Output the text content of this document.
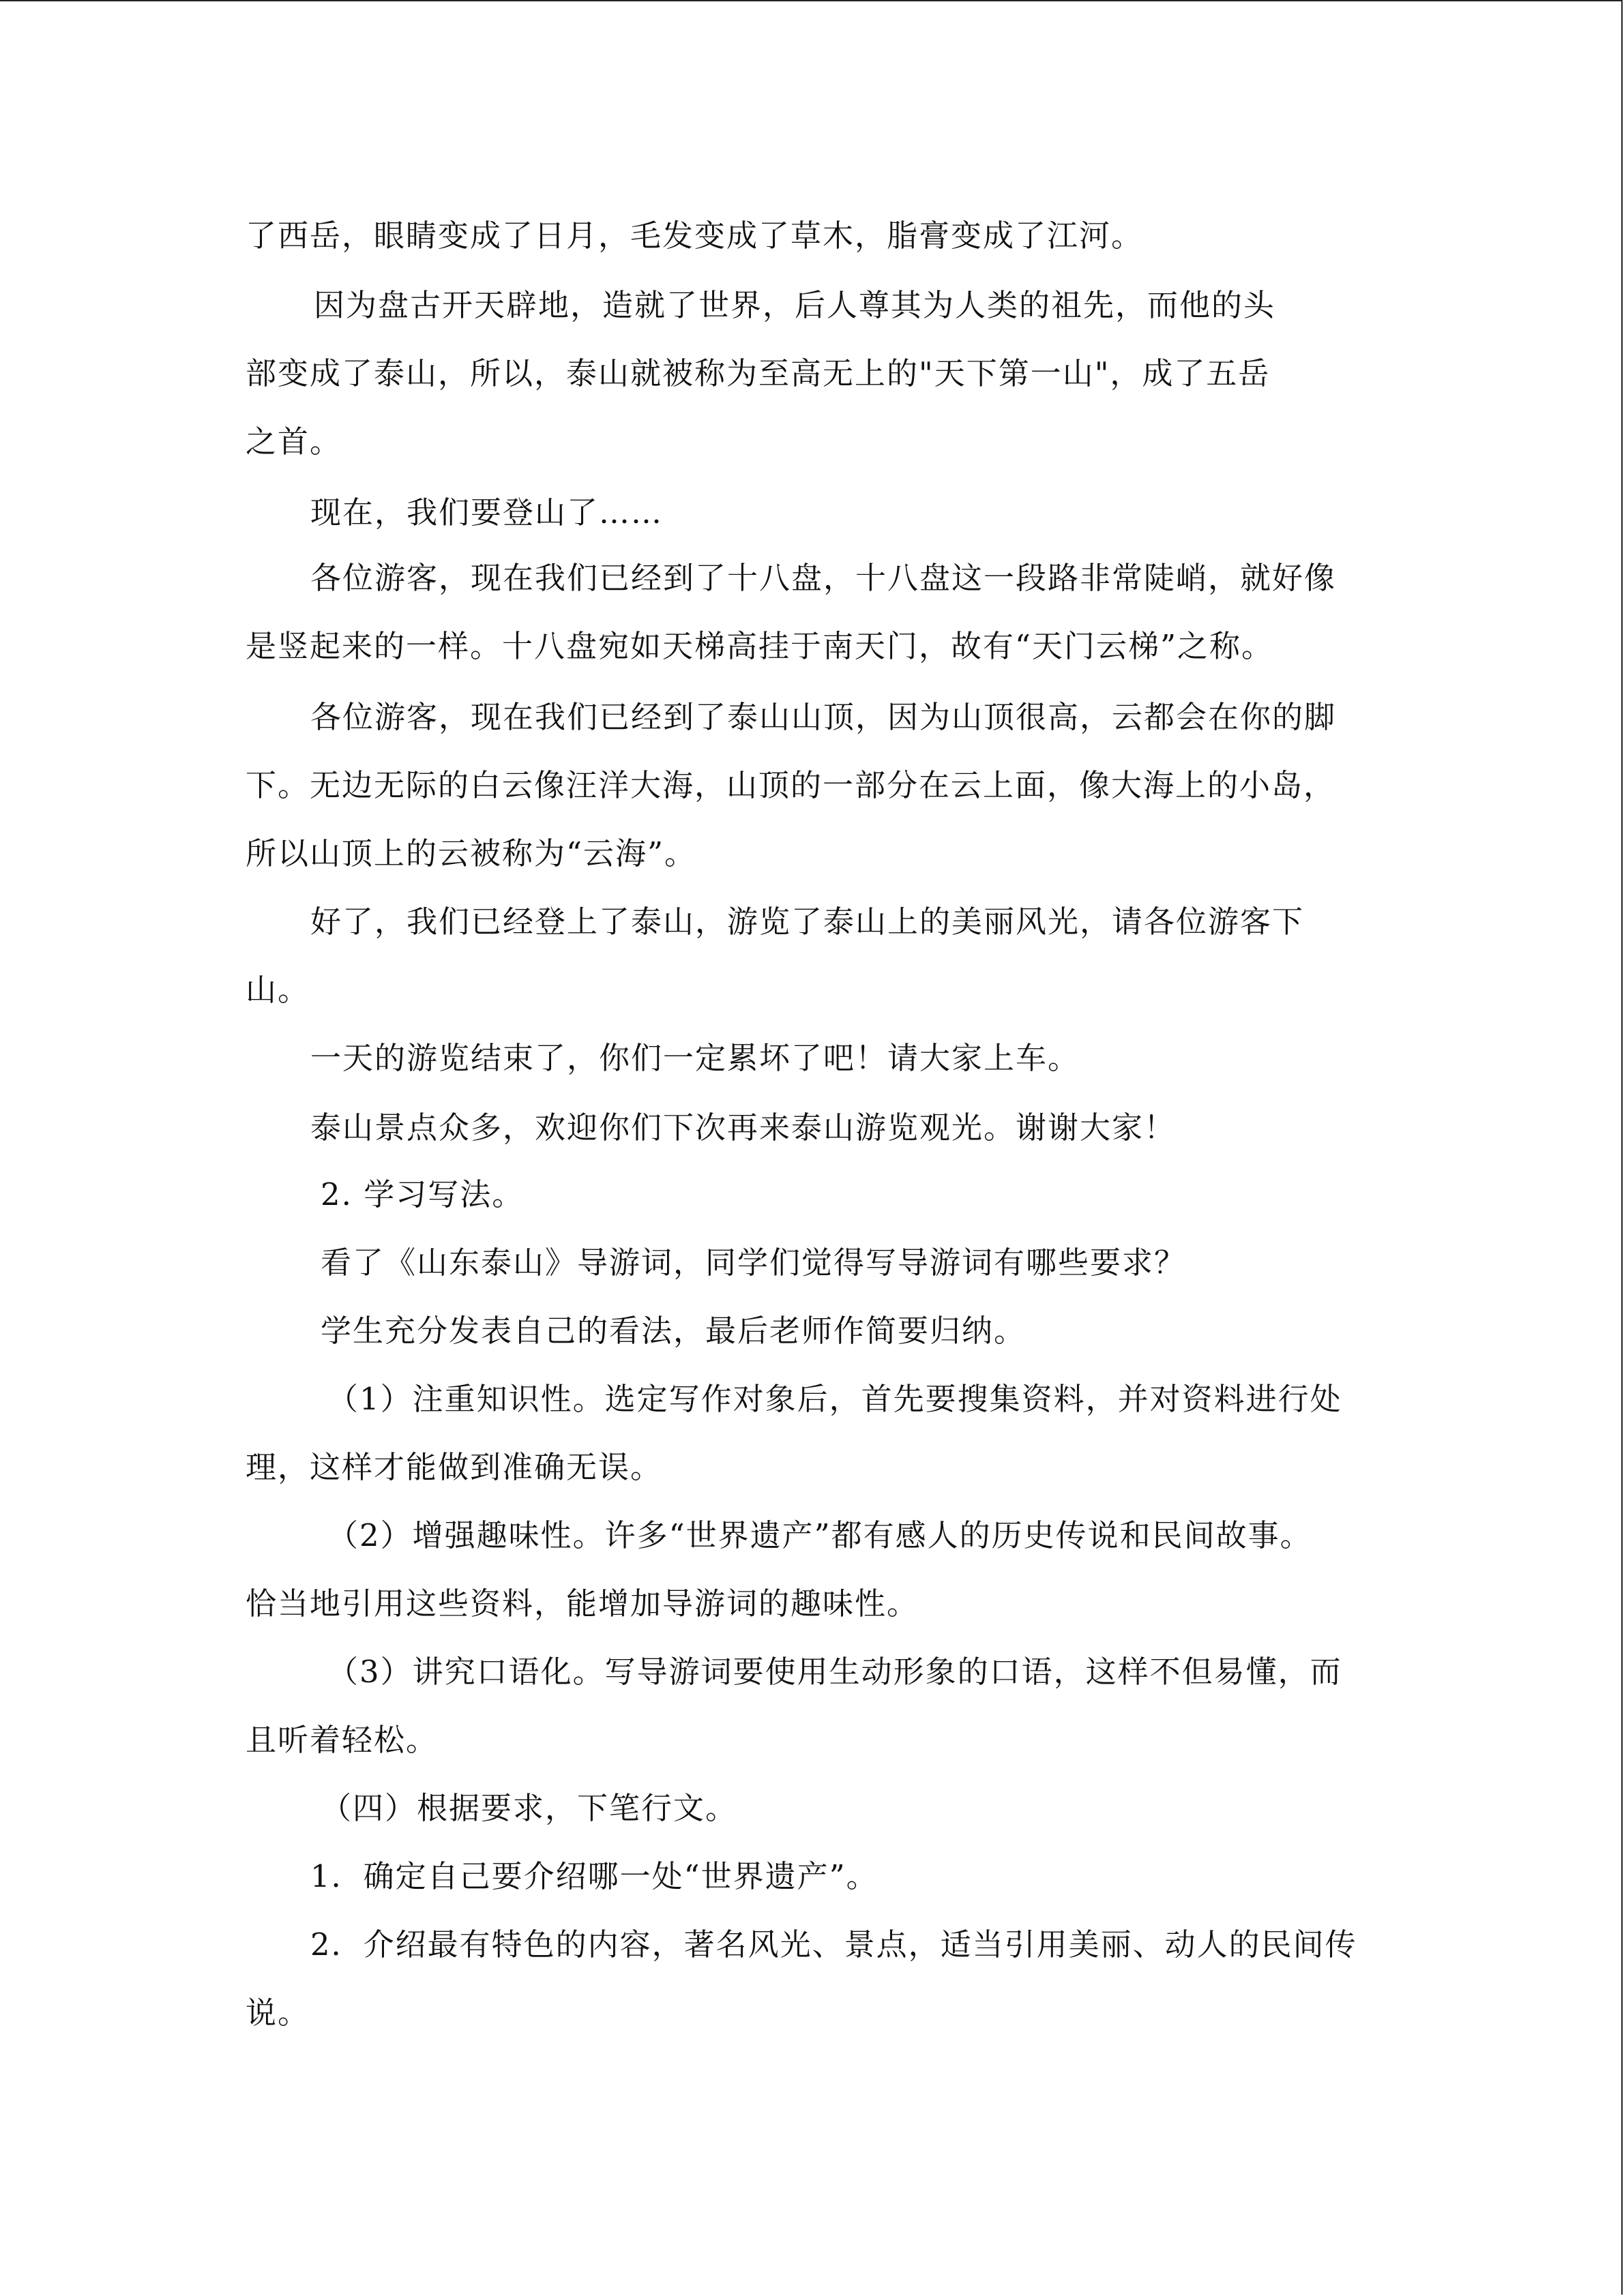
了西岳，眼睛变成了日月，毛发变成了草木，脂膏变成了江河。
因为盘古开天辟地，造就了世界，后人尊其为人类的祖先，而他的头
部变成了泰山，所以，泰山就被称为至高无上的"天下第一山"，成了五岳
之首。
现在，我们要登山了……
各位游客，现在我们已经到了十八盘，十八盘这一段路非常陡峭，就好像
是竖起来的一样。十八盘宛如天梯高挂于南天门，故有“天门云梯”之称。
各位游客，现在我们已经到了泰山山顶，因为山顶很高，云都会在你的脚
下。无边无际的白云像汪洋大海，山顶的一部分在云上面，像大海上的小岛，
所以山顶上的云被称为“云海”。
好了，我们已经登上了泰山，游览了泰山上的美丽风光，请各位游客下
山。
一天的游览结束了，你们一定累坏了吧！请大家上车。
泰山景点众多，欢迎你们下次再来泰山游览观光。谢谢大家！
2. 学习写法。
看了《山东泰山》导游词，同学们觉得写导游词有哪些要求？
学生充分发表自己的看法，最后老师作简要归纳。
（1）注重知识性。选定写作对象后，首先要搜集资料，并对资料进行处
理，这样才能做到准确无误。
（2）增强趣味性。许多“世界遗产”都有感人的历史传说和民间故事。
恰当地引用这些资料，能增加导游词的趣味性。
（3）讲究口语化。写导游词要使用生动形象的口语，这样不但易懂，而
且听着轻松。
（四）根据要求，下笔行文。
1．确定自己要介绍哪一处“世界遗产”。
2．介绍最有特色的内容，著名风光、景点，适当引用美丽、动人的民间传
说。
